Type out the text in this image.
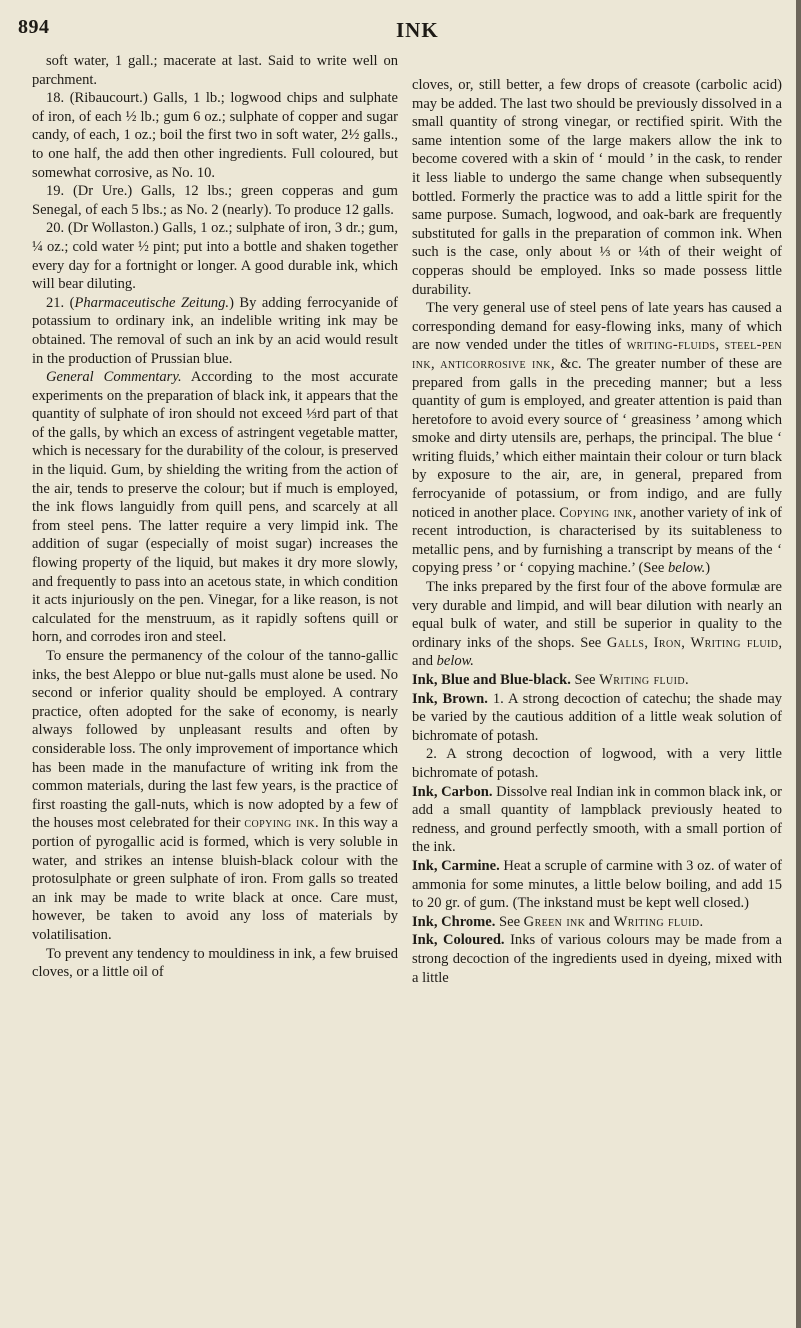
894	INK

soft water, 1 gall.; macerate at last. Said to write well on parchment.

18. (Ribaucourt.) Galls, 1 lb.; logwood chips and sulphate of iron, of each ½ lb.; gum 6 oz.; sulphate of copper and sugar candy, of each, 1 oz.; boil the first two in soft water, 2½ galls., to one half, the add then other ingredients. Full coloured, but somewhat corrosive, as No. 10.

19. (Dr Ure.) Galls, 12 lbs.; green copperas and gum Senegal, of each 5 lbs.; as No. 2 (nearly). To produce 12 galls.

20. (Dr Wollaston.) Galls, 1 oz.; sulphate of iron, 3 dr.; gum, ¼ oz.; cold water ½ pint; put into a bottle and shaken together every day for a fortnight or longer. A good durable ink, which will bear diluting.

21. (Pharmaceutische Zeitung.) By adding ferrocyanide of potassium to ordinary ink, an indelible writing ink may be obtained. The removal of such an ink by an acid would result in the production of Prussian blue.

General Commentary. According to the most accurate experiments on the preparation of black ink, it appears that the quantity of sulphate of iron should not exceed ⅓rd part of that of the galls, by which an excess of astringent vegetable matter, which is necessary for the durability of the colour, is preserved in the liquid. Gum, by shielding the writing from the action of the air, tends to preserve the colour; but if much is employed, the ink flows languidly from quill pens, and scarcely at all from steel pens. The latter require a very limpid ink. The addition of sugar (especially of moist sugar) increases the flowing property of the liquid, but makes it dry more slowly, and frequently to pass into an acetous state, in which condition it acts injuriously on the pen. Vinegar, for a like reason, is not calculated for the menstruum, as it rapidly softens quill or horn, and corrodes iron and steel.

To ensure the permanency of the colour of the tanno-gallic inks, the best Aleppo or blue nut-galls must alone be used. No second or inferior quality should be employed. A contrary practice, often adopted for the sake of economy, is nearly always followed by unpleasant results and often by considerable loss. The only improvement of importance which has been made in the manufacture of writing ink from the common materials, during the last few years, is the practice of first roasting the gall-nuts, which is now adopted by a few of the houses most celebrated for their copying ink. In this way a portion of pyrogallic acid is formed, which is very soluble in water, and strikes an intense bluish-black colour with the protosulphate or green sulphate of iron. From galls so treated an ink may be made to write black at once. Care must, however, be taken to avoid any loss of materials by volatilisation.

To prevent any tendency to mouldiness in ink, a few bruised cloves, or a little oil of

cloves, or, still better, a few drops of creasote (carbolic acid) may be added. The last two should be previously dissolved in a small quantity of strong vinegar, or rectified spirit. With the same intention some of the large makers allow the ink to become covered with a skin of ‘ mould ’ in the cask, to render it less liable to undergo the same change when subsequently bottled. Formerly the practice was to add a little spirit for the same purpose. Sumach, logwood, and oak-bark are frequently substituted for galls in the preparation of common ink. When such is the case, only about ⅓ or ¼th of their weight of copperas should be employed. Inks so made possess little durability.

The very general use of steel pens of late years has caused a corresponding demand for easy-flowing inks, many of which are now vended under the titles of writing-fluids, steel-pen ink, anticorrosive ink, &c. The greater number of these are prepared from galls in the preceding manner; but a less quantity of gum is employed, and greater attention is paid than heretofore to avoid every source of ‘ greasiness ’ among which smoke and dirty utensils are, perhaps, the principal. The blue ‘ writing fluids,’ which either maintain their colour or turn black by exposure to the air, are, in general, prepared from ferrocyanide of potassium, or from indigo, and are fully noticed in another place. Copying ink, another variety of ink of recent introduction, is characterised by its suitableness to metallic pens, and by furnishing a transcript by means of the ‘ copying press ’ or ‘ copying machine.’ (See below.)

The inks prepared by the first four of the above formulæ are very durable and limpid, and will bear dilution with nearly an equal bulk of water, and still be superior in quality to the ordinary inks of the shops. See Galls, Iron, Writing fluid, and below.

Ink, Blue and Blue-black. See Writing fluid.

Ink, Brown. 1. A strong decoction of catechu; the shade may be varied by the cautious addition of a little weak solution of bichromate of potash.

2. A strong decoction of logwood, with a very little bichromate of potash.

Ink, Carbon. Dissolve real Indian ink in common black ink, or add a small quantity of lampblack previously heated to redness, and ground perfectly smooth, with a small portion of the ink.

Ink, Carmine. Heat a scruple of carmine with 3 oz. of water of ammonia for some minutes, a little below boiling, and add 15 to 20 gr. of gum. (The inkstand must be kept well closed.)

Ink, Chrome. See Green ink and Writing fluid.

Ink, Coloured. Inks of various colours may be made from a strong decoction of the ingredients used in dyeing, mixed with a little
